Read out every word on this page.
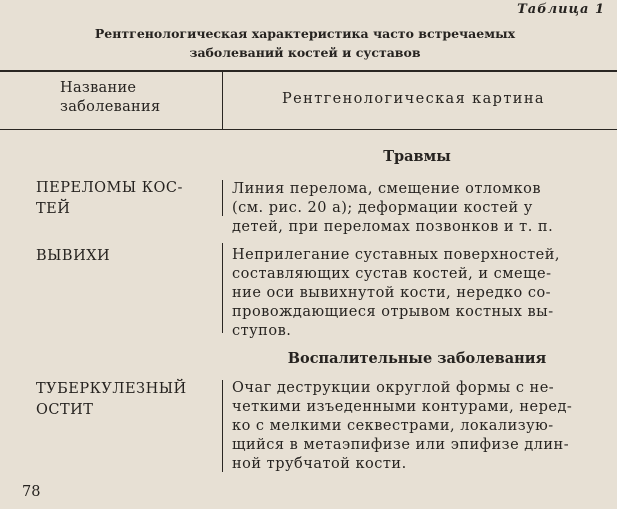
Таблица 1
Рентгенологическая характеристика часто встречаемых
заболеваний костей и суставов
Название
заболевания	Рентгенологическая картина
Травмы
ПЕРЕЛОМЫ КОС-
ТЕЙ
Линия перелома, смещение отломков
(см. рис. 20 а); деформации костей у
детей, при переломах позвонков и т. п.
ВЫВИХИ	Неприлегание суставных поверхностей,
составляющих сустав костей, и смеще-
ние оси вывихнутой кости, нередко со-
провождающиеся отрывом костных вы-
ступов.
Воспалительные заболевания
ТУБЕРКУЛЕЗНЫЙ
ОСТИТ
Очаг деструкции округлой формы с не-
четкими изъеденными контурами, неред-
ко с мелкими секвестрами, локализую-
щийся в метаэпифизе или эпифизе длин-
ной трубчатой кости.
78
